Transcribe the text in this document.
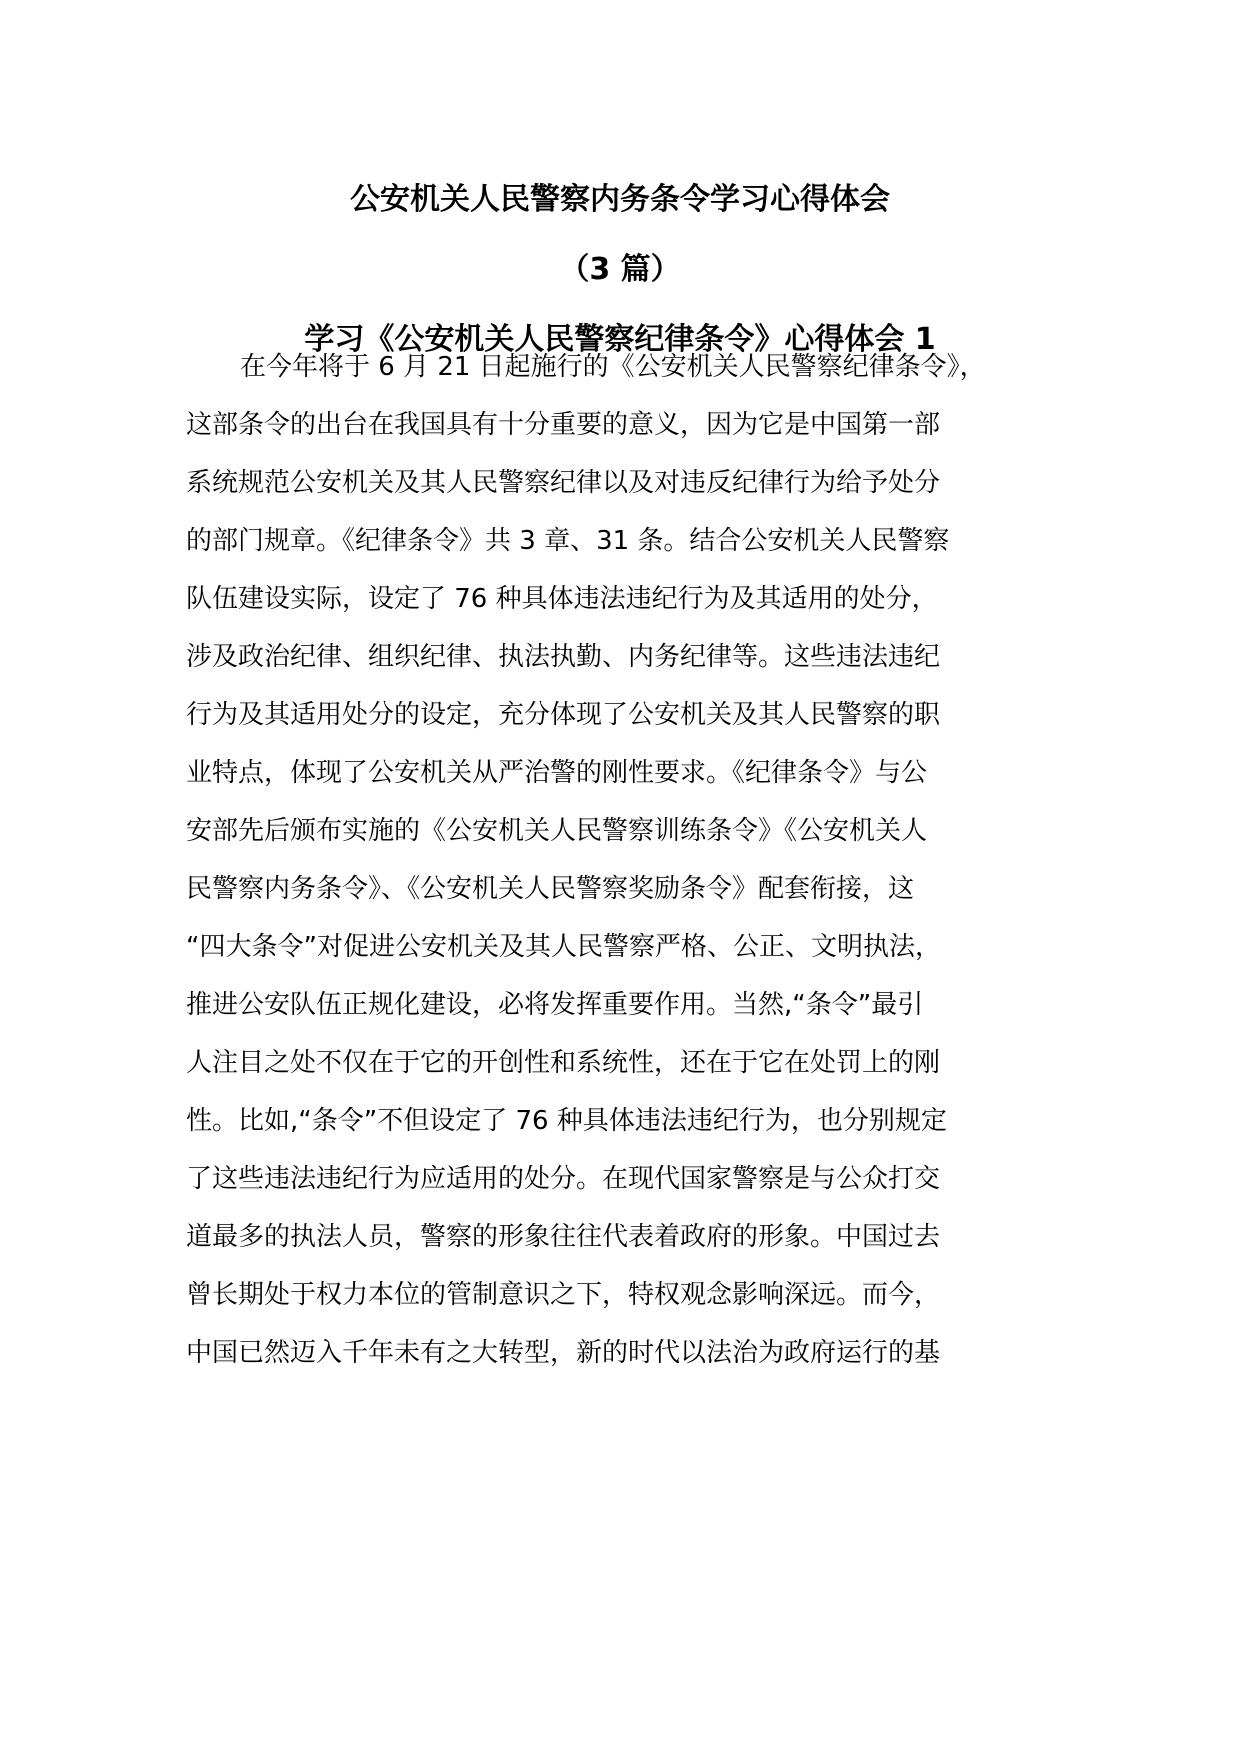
公安机关人民警察内务条令学习心得体会
（3 篇）
学习《公安机关人民警察纪律条令》心得体会 1
在今年将于 6 月 21 日起施行的《公安机关人民警察纪律条令》，
这部条令的出台在我国具有十分重要的意义，因为它是中国第一部
系统规范公安机关及其人民警察纪律以及对违反纪律行为给予处分
的部门规章。《纪律条令》共 3 章、31 条。结合公安机关人民警察
队伍建设实际，设定了 76 种具体违法违纪行为及其适用的处分，
涉及政治纪律、组织纪律、执法执勤、内务纪律等。这些违法违纪
行为及其适用处分的设定，充分体现了公安机关及其人民警察的职
业特点，体现了公安机关从严治警的刚性要求。《纪律条令》与公
安部先后颁布实施的《公安机关人民警察训练条令》《公安机关人
民警察内务条令》、《公安机关人民警察奖励条令》配套衔接，这
“四大条令”对促进公安机关及其人民警察严格、公正、文明执法，
推进公安队伍正规化建设，必将发挥重要作用。当然,“条令”最引
人注目之处不仅在于它的开创性和系统性，还在于它在处罚上的刚
性。比如,“条令”不但设定了 76 种具体违法违纪行为，也分别规定
了这些违法违纪行为应适用的处分。在现代国家警察是与公众打交
道最多的执法人员，警察的形象往往代表着政府的形象。中国过去
曾长期处于权力本位的管制意识之下，特权观念影响深远。而今，
中国已然迈入千年未有之大转型，新的时代以法治为政府运行的基
